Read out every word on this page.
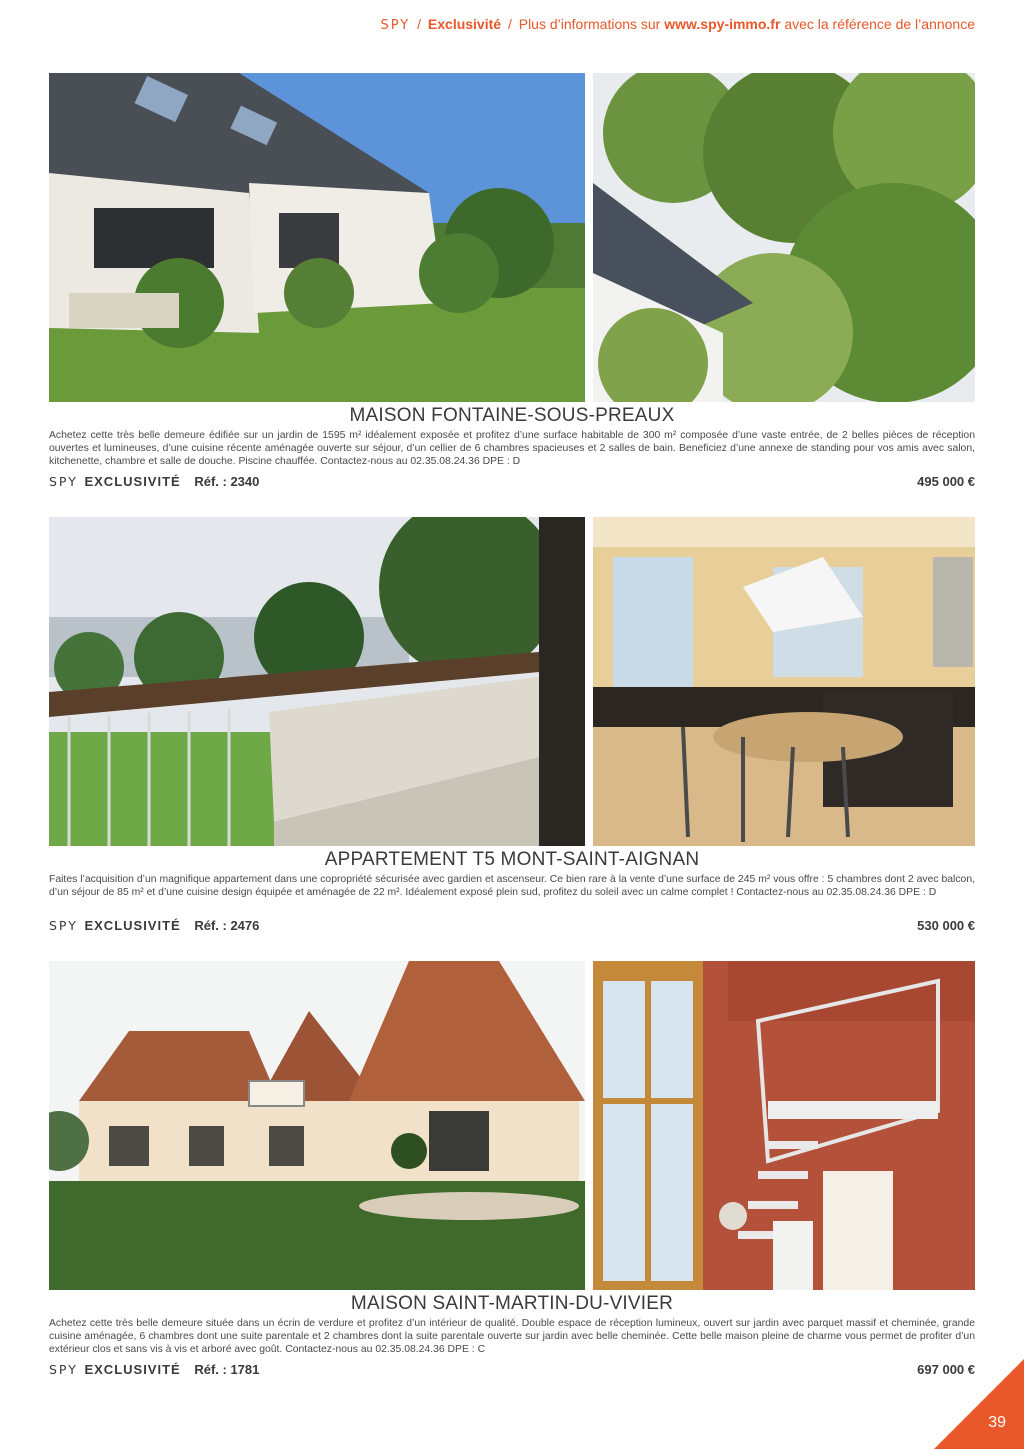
SPY / Exclusivité / Plus d’informations sur www.spy-immo.fr avec la référence de l’annonce
MAISON FONTAINE-SOUS-PREAUX
Achetez cette très belle demeure édifiée sur un jardin de 1595 m² idéalement exposée et profitez d’une surface habitable de 300 m² composée d’une vaste entrée, de 2 belles pièces de réception ouvertes et lumineuses, d’une cuisine récente aménagée ouverte sur séjour, d’un cellier de 6 chambres spacieuses et 2 salles de bain. Beneficiez d’une annexe de standing pour vos amis avec salon, kitchenette, chambre et salle de douche. Piscine chauffée. Contactez-nous au 02.35.08.24.36 DPE : D
SPY EXCLUSIVITÉ Réf. : 2340	495 000 €
APPARTEMENT T5 MONT-SAINT-AIGNAN
Faites l’acquisition d’un magnifique appartement dans une copropriété sécurisée avec gardien et ascenseur. Ce bien rare à la vente d’une surface de 245 m² vous offre : 5 chambres dont 2 avec balcon, d’un séjour de 85 m² et d’une cuisine design équipée et aménagée de 22 m². Idéalement exposé plein sud, profitez du soleil avec un calme complet ! Contactez-nous au 02.35.08.24.36 DPE : D
SPY EXCLUSIVITÉ Réf. : 2476	530 000 €
MAISON SAINT-MARTIN-DU-VIVIER
Achetez cette très belle demeure située dans un écrin de verdure et profitez d’un intérieur de qualité. Double espace de réception lumineux, ouvert sur jardin avec parquet massif et cheminée, grande cuisine aménagée, 6 chambres dont une suite parentale et 2 chambres dont la suite parentale ouverte sur jardin avec belle cheminée. Cette belle maison pleine de charme vous permet de profiter d’un extérieur clos et sans vis à vis et arboré avec goût. Contactez-nous au 02.35.08.24.36 DPE : C
SPY EXCLUSIVITÉ Réf. : 1781	697 000 €
39
